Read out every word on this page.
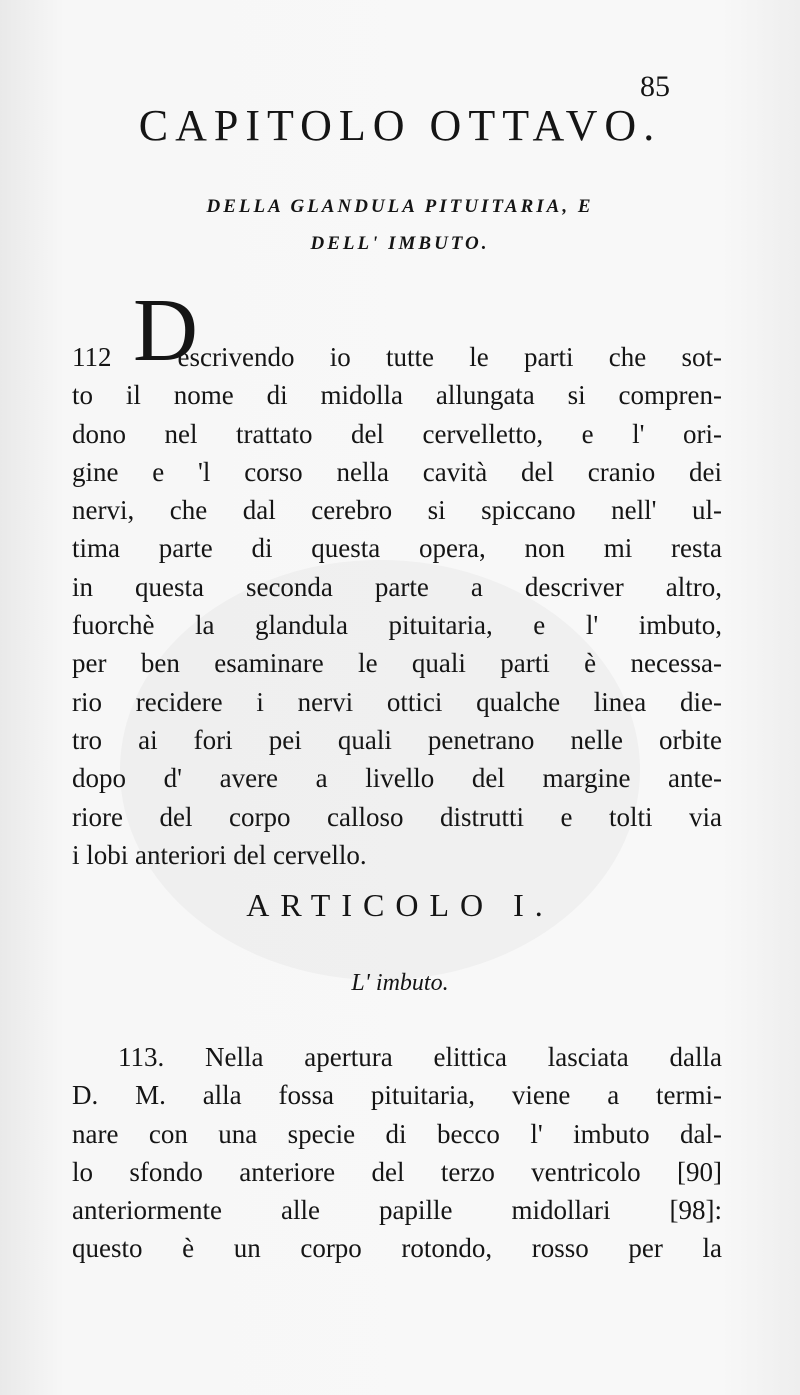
85
CAPITOLO OTTAVO.
DELLA GLANDULA PITUITARIA, E
DELL' IMBUTO.
D
112 escrivendo io tutte le parti che sot-
to il nome di midolla allungata si compren-
dono nel trattato del cervelletto, e l' ori-
gine e 'l corso nella cavità del cranio dei
nervi, che dal cerebro si spiccano nell' ul-
tima parte di questa opera, non mi resta
in questa seconda parte a descriver altro,
fuorchè la glandula pituitaria, e l' imbuto,
per ben esaminare le quali parti è necessa-
rio recidere i nervi ottici qualche linea die-
tro ai fori pei quali penetrano nelle orbite
dopo d' avere a livello del margine ante-
riore del corpo calloso distrutti e tolti via
i lobi anteriori del cervello.
ARTICOLO I.
L' imbuto.
113. Nella apertura elittica lasciata dalla
D. M. alla fossa pituitaria, viene a termi-
nare con una specie di becco l' imbuto dal-
lo sfondo anteriore del terzo ventricolo [90]
anteriormente alle papille midollari [98]:
questo è un corpo rotondo, rosso per la
